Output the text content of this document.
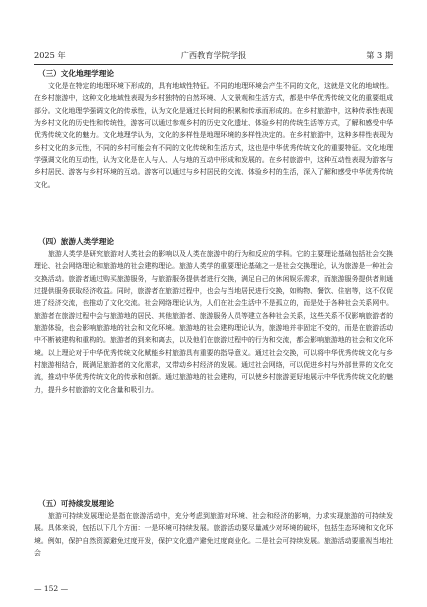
2025 年	广西教育学院学报	第 3 期
（三）文化地理学理论

文化是在特定的地理环境下形成的，具有地域性特征。不同的地理环境会产生不同的文化，这就是文化的地域性。在乡村旅游中，这种文化地域性表现为乡村独特的自然环境、人文景观和生活方式，都是中华优秀传统文化的重要组成部分。文化地理学强调文化的传承性，认为文化是通过长时间的积累和传承而形成的。在乡村旅游中，这种传承性表现为乡村文化的历史性和传统性，游客可以通过参观乡村的历史文化遗址、体验乡村的传统生活等方式，了解和感受中华优秀传统文化的魅力。文化地理学认为，文化的多样性是地理环境的多样性决定的。在乡村旅游中，这种多样性表现为乡村文化的多元性，不同的乡村可能会有不同的文化传统和生活方式，这也是中华优秀传统文化的重要特征。文化地理学强调文化的互动性，认为文化是在人与人、人与地的互动中形成和发展的。在乡村旅游中，这种互动性表现为游客与乡村居民、游客与乡村环境的互动。游客可以通过与乡村居民的交流、体验乡村的生活，深入了解和感受中华优秀传统文化。

（四）旅游人类学理论

旅游人类学是研究旅游对人类社会的影响以及人类在旅游中的行为和反应的学科。它的主要理论基础包括社会交换理论、社会网络理论和旅游地的社会建构理论。旅游人类学的重要理论基础之一是社会交换理论，认为旅游是一种社会交换活动。旅游者通过购买旅游服务，与旅游服务提供者进行交换，满足自己的休闲娱乐需求，而旅游服务提供者则通过提供服务获取经济收益。同时，旅游者在旅游过程中，也会与当地居民进行交换，如购物、餐饮、住宿等，这不仅促进了经济交流，也推动了文化交流。社会网络理论认为，人们在社会生活中不是孤立的，而是处于各种社会关系网中。旅游者在旅游过程中会与旅游地的居民、其他旅游者、旅游服务人员等建立各种社会关系，这些关系不仅影响旅游者的旅游体验，也会影响旅游地的社会和文化环境。旅游地的社会建构理论认为，旅游地并非固定不变的，而是在旅游活动中不断被建构和重构的。旅游者的到来和离去，以及他们在旅游过程中的行为和交流，都会影响旅游地的社会和文化环境。以上理论对于中华优秀传统文化赋能乡村旅游具有重要的指导意义。通过社会交换，可以将中华优秀传统文化与乡村旅游相结合，既满足旅游者的文化需求，又带动乡村经济的发展。通过社会网络，可以促进乡村与外部世界的文化交流，推动中华优秀传统文化的传承和创新。通过旅游地的社会建构，可以使乡村旅游更好地展示中华优秀传统文化的魅力，提升乡村旅游的文化含量和吸引力。

（五）可持续发展理论

旅游可持续发展理论是指在旅游活动中，充分考虑到旅游对环境、社会和经济的影响，力求实现旅游的可持续发展。具体来说，包括以下几个方面：一是环境可持续发展。旅游活动要尽量减少对环境的破坏，包括生态环境和文化环境。例如，保护自然资源避免过度开发，保护文化遗产避免过度商业化。二是社会可持续发展。旅游活动要重视当地社会

— 152 —
